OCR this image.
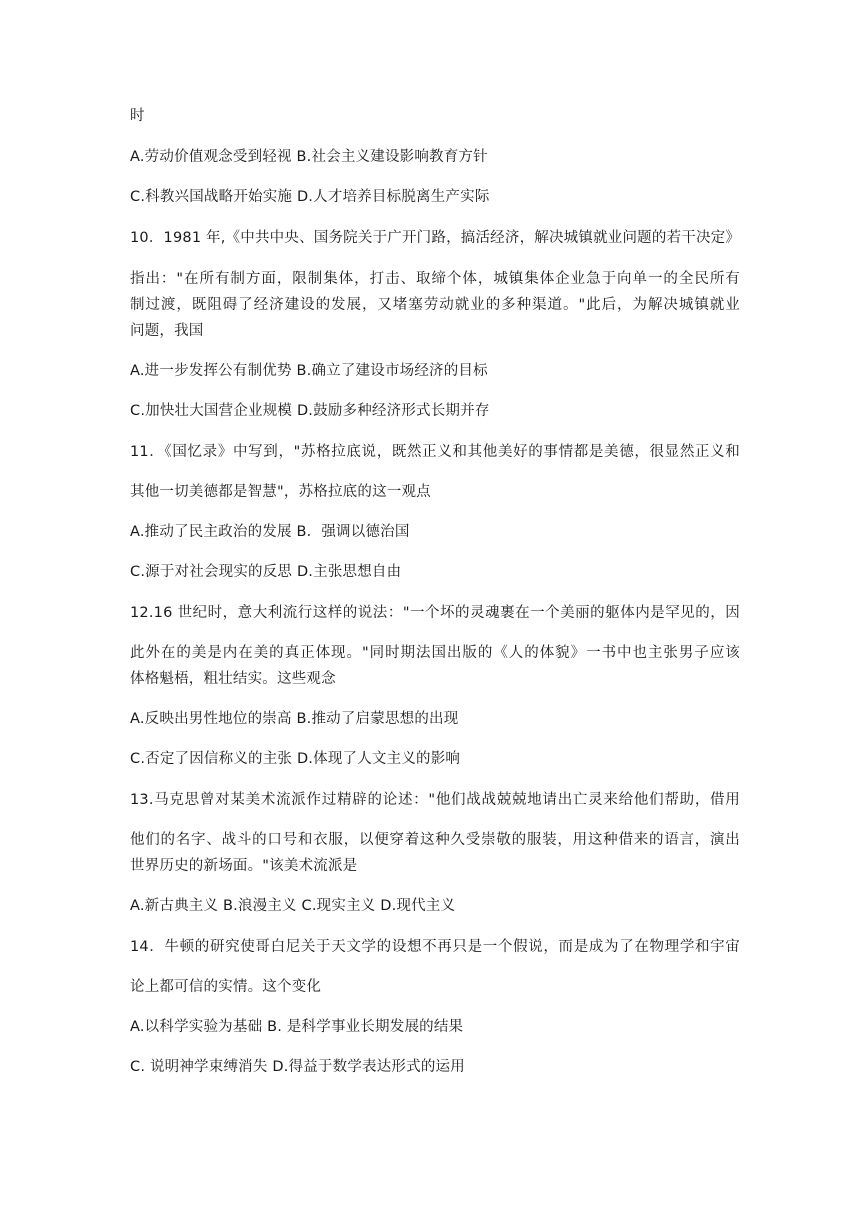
时
A.劳动价值观念受到轻视 B.社会主义建设影响教育方针
C.科教兴国战略开始实施 D.人才培养目标脱离生产实际
10．1981 年,《中共中央、国务院关于广开门路，搞活经济，解决城镇就业问题的若干决定》
指出："在所有制方面，限制集体，打击、取缔个体，城镇集体企业急于向单一的全民所有
制过渡，既阻碍了经济建设的发展，又堵塞劳动就业的多种渠道。"此后，为解决城镇就业
问题，我国
A.进一步发挥公有制优势 B.确立了建设市场经济的目标
C.加快壮大国营企业规模 D.鼓励多种经济形式长期并存
11．《国忆录》中写到，"苏格拉底说，既然正义和其他美好的事情都是美德，很显然正义和
其他一切美德都是智慧"，苏格拉底的这一观点
A.推动了民主政治的发展 B．强调以德治国
C.源于对社会现实的反思 D.主张思想自由
12.16 世纪时，意大利流行这样的说法："一个坏的灵魂裹在一个美丽的躯体内是罕见的，因
此外在的美是内在美的真正体现。"同时期法国出版的《人的体貌》一书中也主张男子应该
体格魁梧，粗壮结实。这些观念
A.反映出男性地位的崇高 B.推动了启蒙思想的出现
C.否定了因信称义的主张 D.体现了人文主义的影响
13.马克思曾对某美术流派作过精辟的论述："他们战战兢兢地请出亡灵来给他们帮助，借用
他们的名字、战斗的口号和衣服，以便穿着这种久受崇敬的服装，用这种借来的语言，演出
世界历史的新场面。"该美术流派是
A.新古典主义 B.浪漫主义 C.现实主义 D.现代主义
14．牛顿的研究使哥白尼关于天文学的设想不再只是一个假说，而是成为了在物理学和宇宙
论上都可信的实情。这个变化
A.以科学实验为基础 B. 是科学事业长期发展的结果
C. 说明神学束缚消失 D.得益于数学表达形式的运用
